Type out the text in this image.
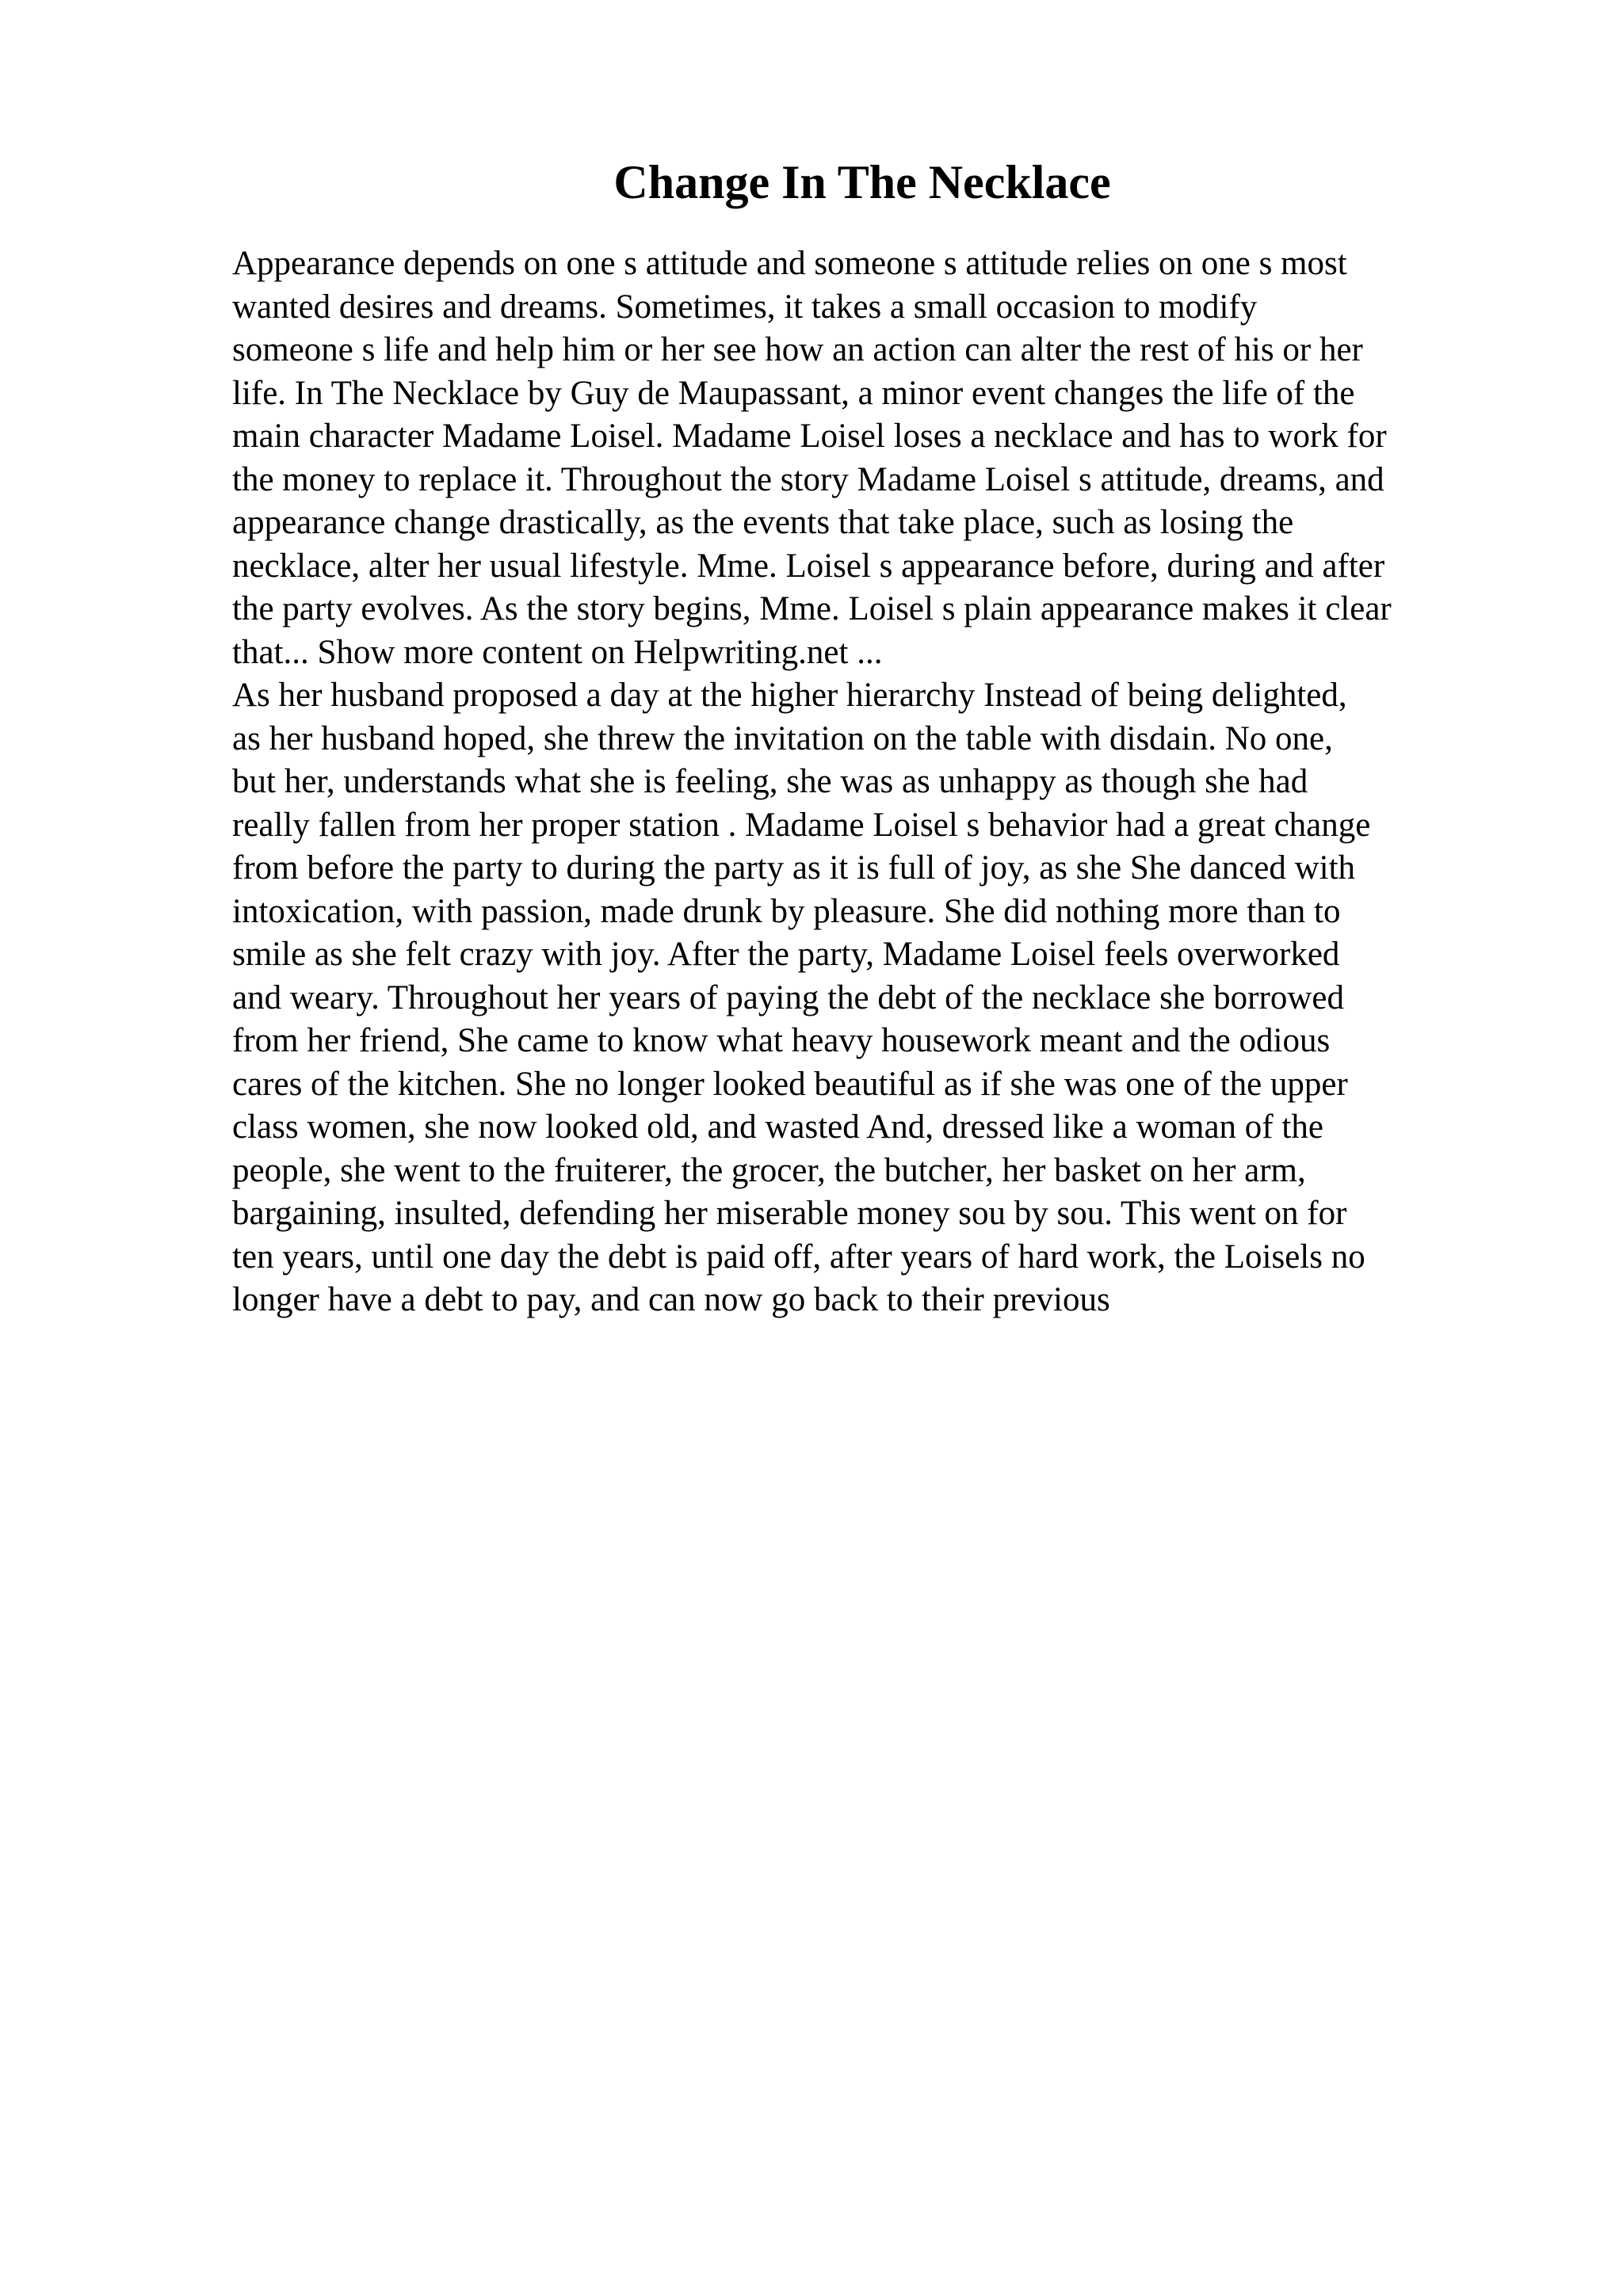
Change In The Necklace
Appearance depends on one s attitude and someone s attitude relies on one s most
wanted desires and dreams. Sometimes, it takes a small occasion to modify
someone s life and help him or her see how an action can alter the rest of his or her
life. In The Necklace by Guy de Maupassant, a minor event changes the life of the
main character Madame Loisel. Madame Loisel loses a necklace and has to work for
the money to replace it. Throughout the story Madame Loisel s attitude, dreams, and
appearance change drastically, as the events that take place, such as losing the
necklace, alter her usual lifestyle. Mme. Loisel s appearance before, during and after
the party evolves. As the story begins, Mme. Loisel s plain appearance makes it clear
that... Show more content on Helpwriting.net ...
As her husband proposed a day at the higher hierarchy Instead of being delighted,
as her husband hoped, she threw the invitation on the table with disdain. No one,
but her, understands what she is feeling, she was as unhappy as though she had
really fallen from her proper station . Madame Loisel s behavior had a great change
from before the party to during the party as it is full of joy, as she She danced with
intoxication, with passion, made drunk by pleasure. She did nothing more than to
smile as she felt crazy with joy. After the party, Madame Loisel feels overworked
and weary. Throughout her years of paying the debt of the necklace she borrowed
from her friend, She came to know what heavy housework meant and the odious
cares of the kitchen. She no longer looked beautiful as if she was one of the upper
class women, she now looked old, and wasted And, dressed like a woman of the
people, she went to the fruiterer, the grocer, the butcher, her basket on her arm,
bargaining, insulted, defending her miserable money sou by sou. This went on for
ten years, until one day the debt is paid off, after years of hard work, the Loisels no
longer have a debt to pay, and can now go back to their previous
